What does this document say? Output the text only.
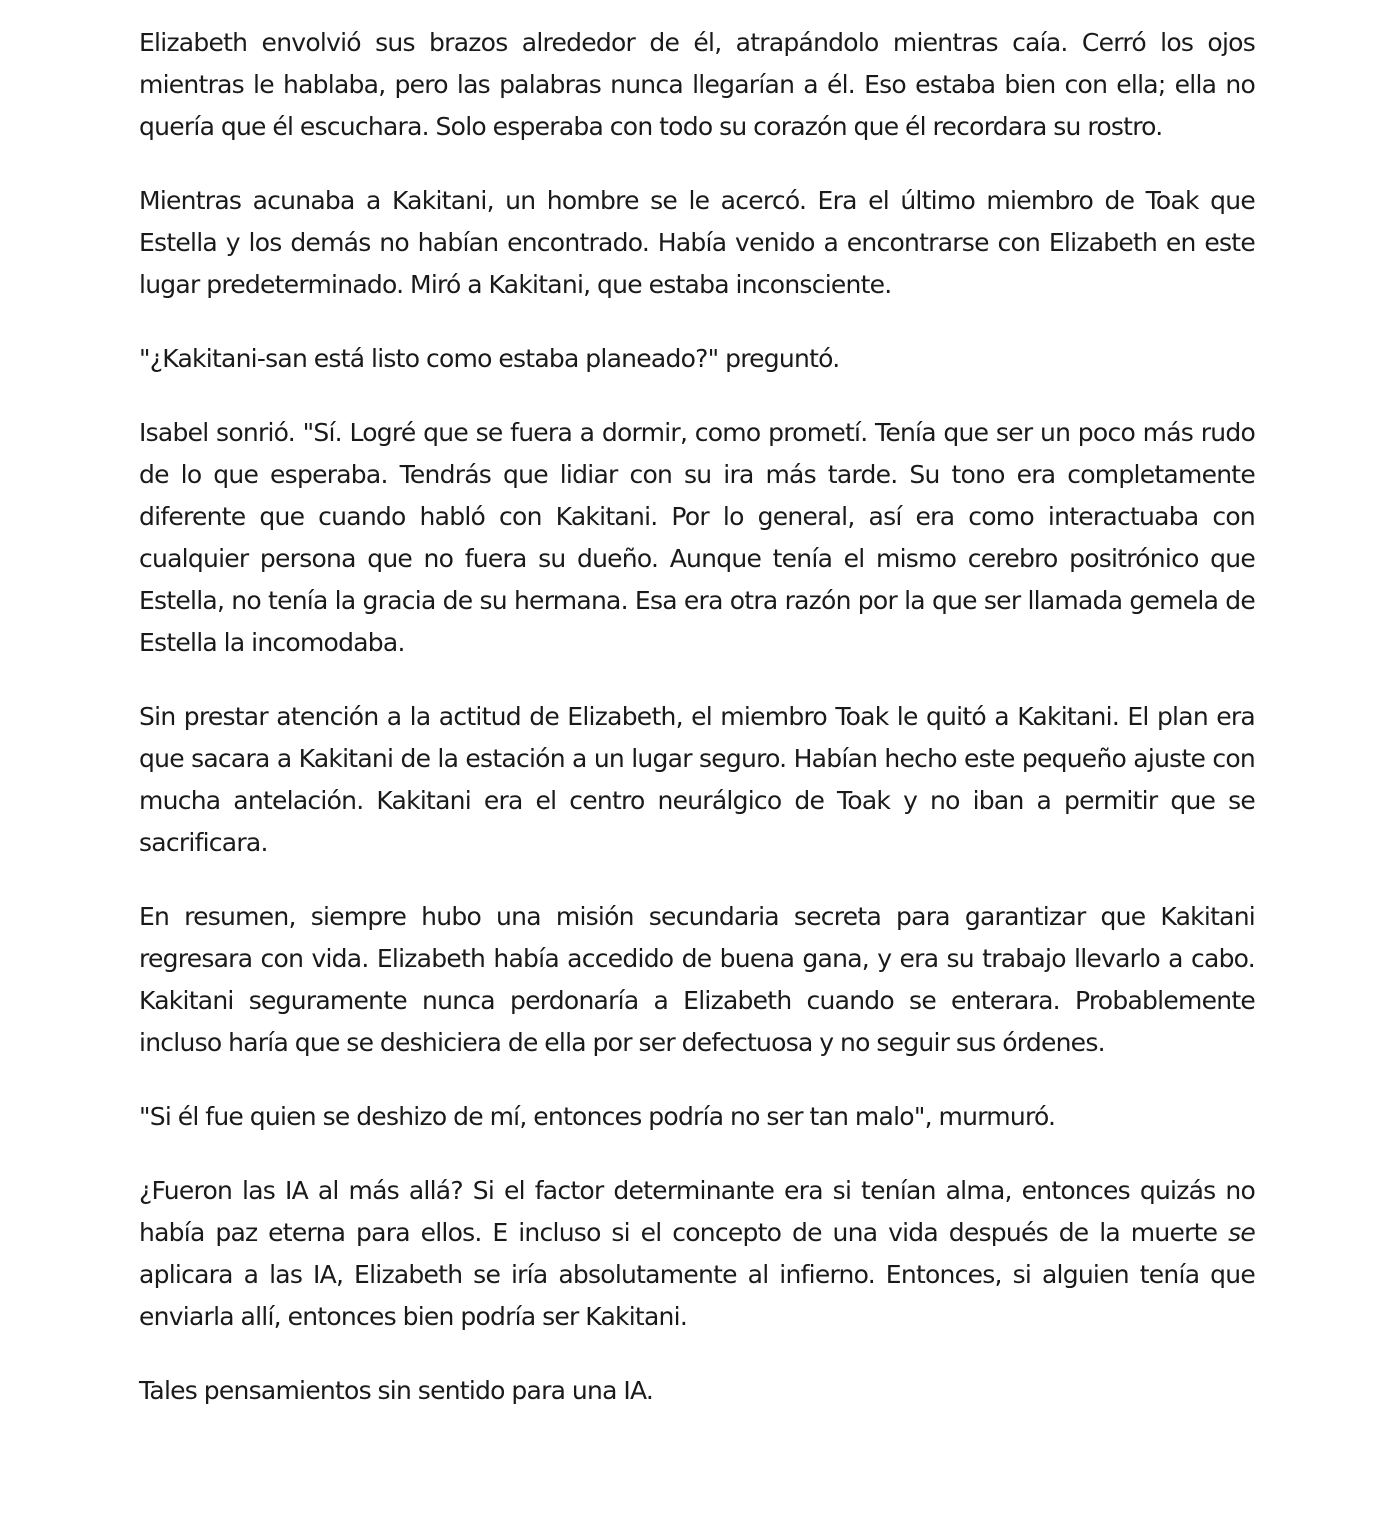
Elizabeth envolvió sus brazos alrededor de él, atrapándolo mientras caía. Cerró los ojos mientras le hablaba, pero las palabras nunca llegarían a él. Eso estaba bien con ella; ella no quería que él escuchara. Solo esperaba con todo su corazón que él recordara su rostro.

Mientras acunaba a Kakitani, un hombre se le acercó. Era el último miembro de Toak que Estella y los demás no habían encontrado. Había venido a encontrarse con Elizabeth en este lugar predeterminado. Miró a Kakitani, que estaba inconsciente.

"¿Kakitani-san está listo como estaba planeado?" preguntó.

Isabel sonrió. "Sí. Logré que se fuera a dormir, como prometí. Tenía que ser un poco más rudo de lo que esperaba. Tendrás que lidiar con su ira más tarde. Su tono era completamente diferente que cuando habló con Kakitani. Por lo general, así era como interactuaba con cualquier persona que no fuera su dueño. Aunque tenía el mismo cerebro positrónico que Estella, no tenía la gracia de su hermana. Esa era otra razón por la que ser llamada gemela de Estella la incomodaba.

Sin prestar atención a la actitud de Elizabeth, el miembro Toak le quitó a Kakitani. El plan era que sacara a Kakitani de la estación a un lugar seguro. Habían hecho este pequeño ajuste con mucha antelación. Kakitani era el centro neurálgico de Toak y no iban a permitir que se sacrificara.

En resumen, siempre hubo una misión secundaria secreta para garantizar que Kakitani regresara con vida. Elizabeth había accedido de buena gana, y era su trabajo llevarlo a cabo. Kakitani seguramente nunca perdonaría a Elizabeth cuando se enterara. Probablemente incluso haría que se deshiciera de ella por ser defectuosa y no seguir sus órdenes.

"Si él fue quien se deshizo de mí, entonces podría no ser tan malo", murmuró.

¿Fueron las IA al más allá? Si el factor determinante era si tenían alma, entonces quizás no había paz eterna para ellos. E incluso si el concepto de una vida después de la muerte se aplicara a las IA, Elizabeth se iría absolutamente al infierno. Entonces, si alguien tenía que enviarla allí, entonces bien podría ser Kakitani.

Tales pensamientos sin sentido para una IA.
